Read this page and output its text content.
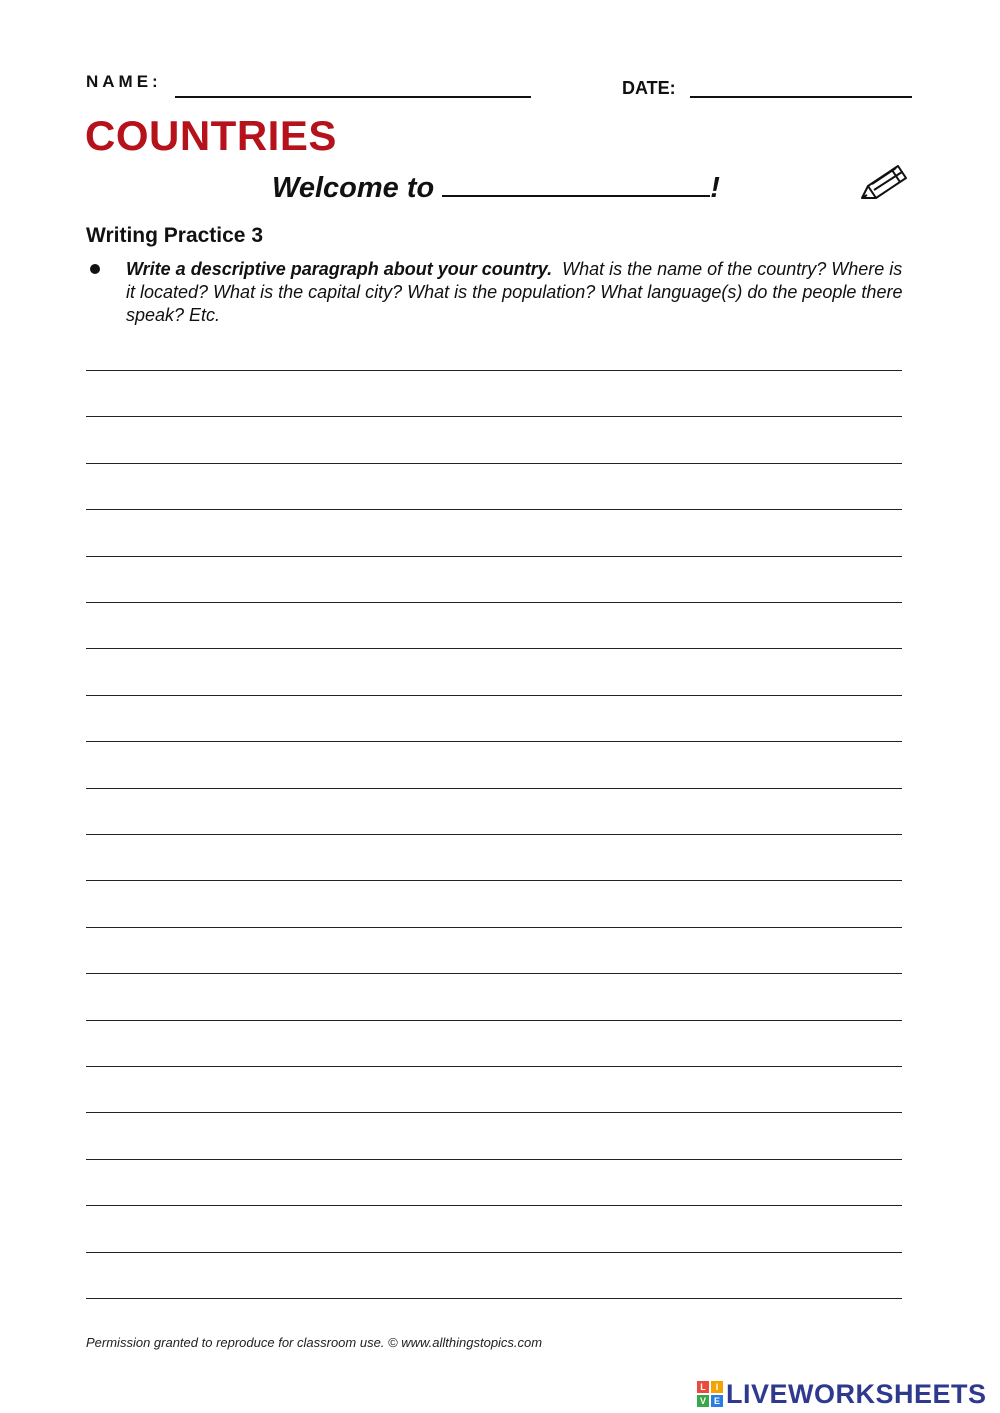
NAME:	DATE:
COUNTRIES
Welcome to	!
Writing Practice 3
Write a descriptive paragraph about your country. What is the name of the country? Where is it located? What is the capital city? What is the population? What language(s) do the people there speak? Etc.
Permission granted to reproduce for classroom use. © www.allthingstopics.com
L	I
V E LIVEWORKSHEETS
